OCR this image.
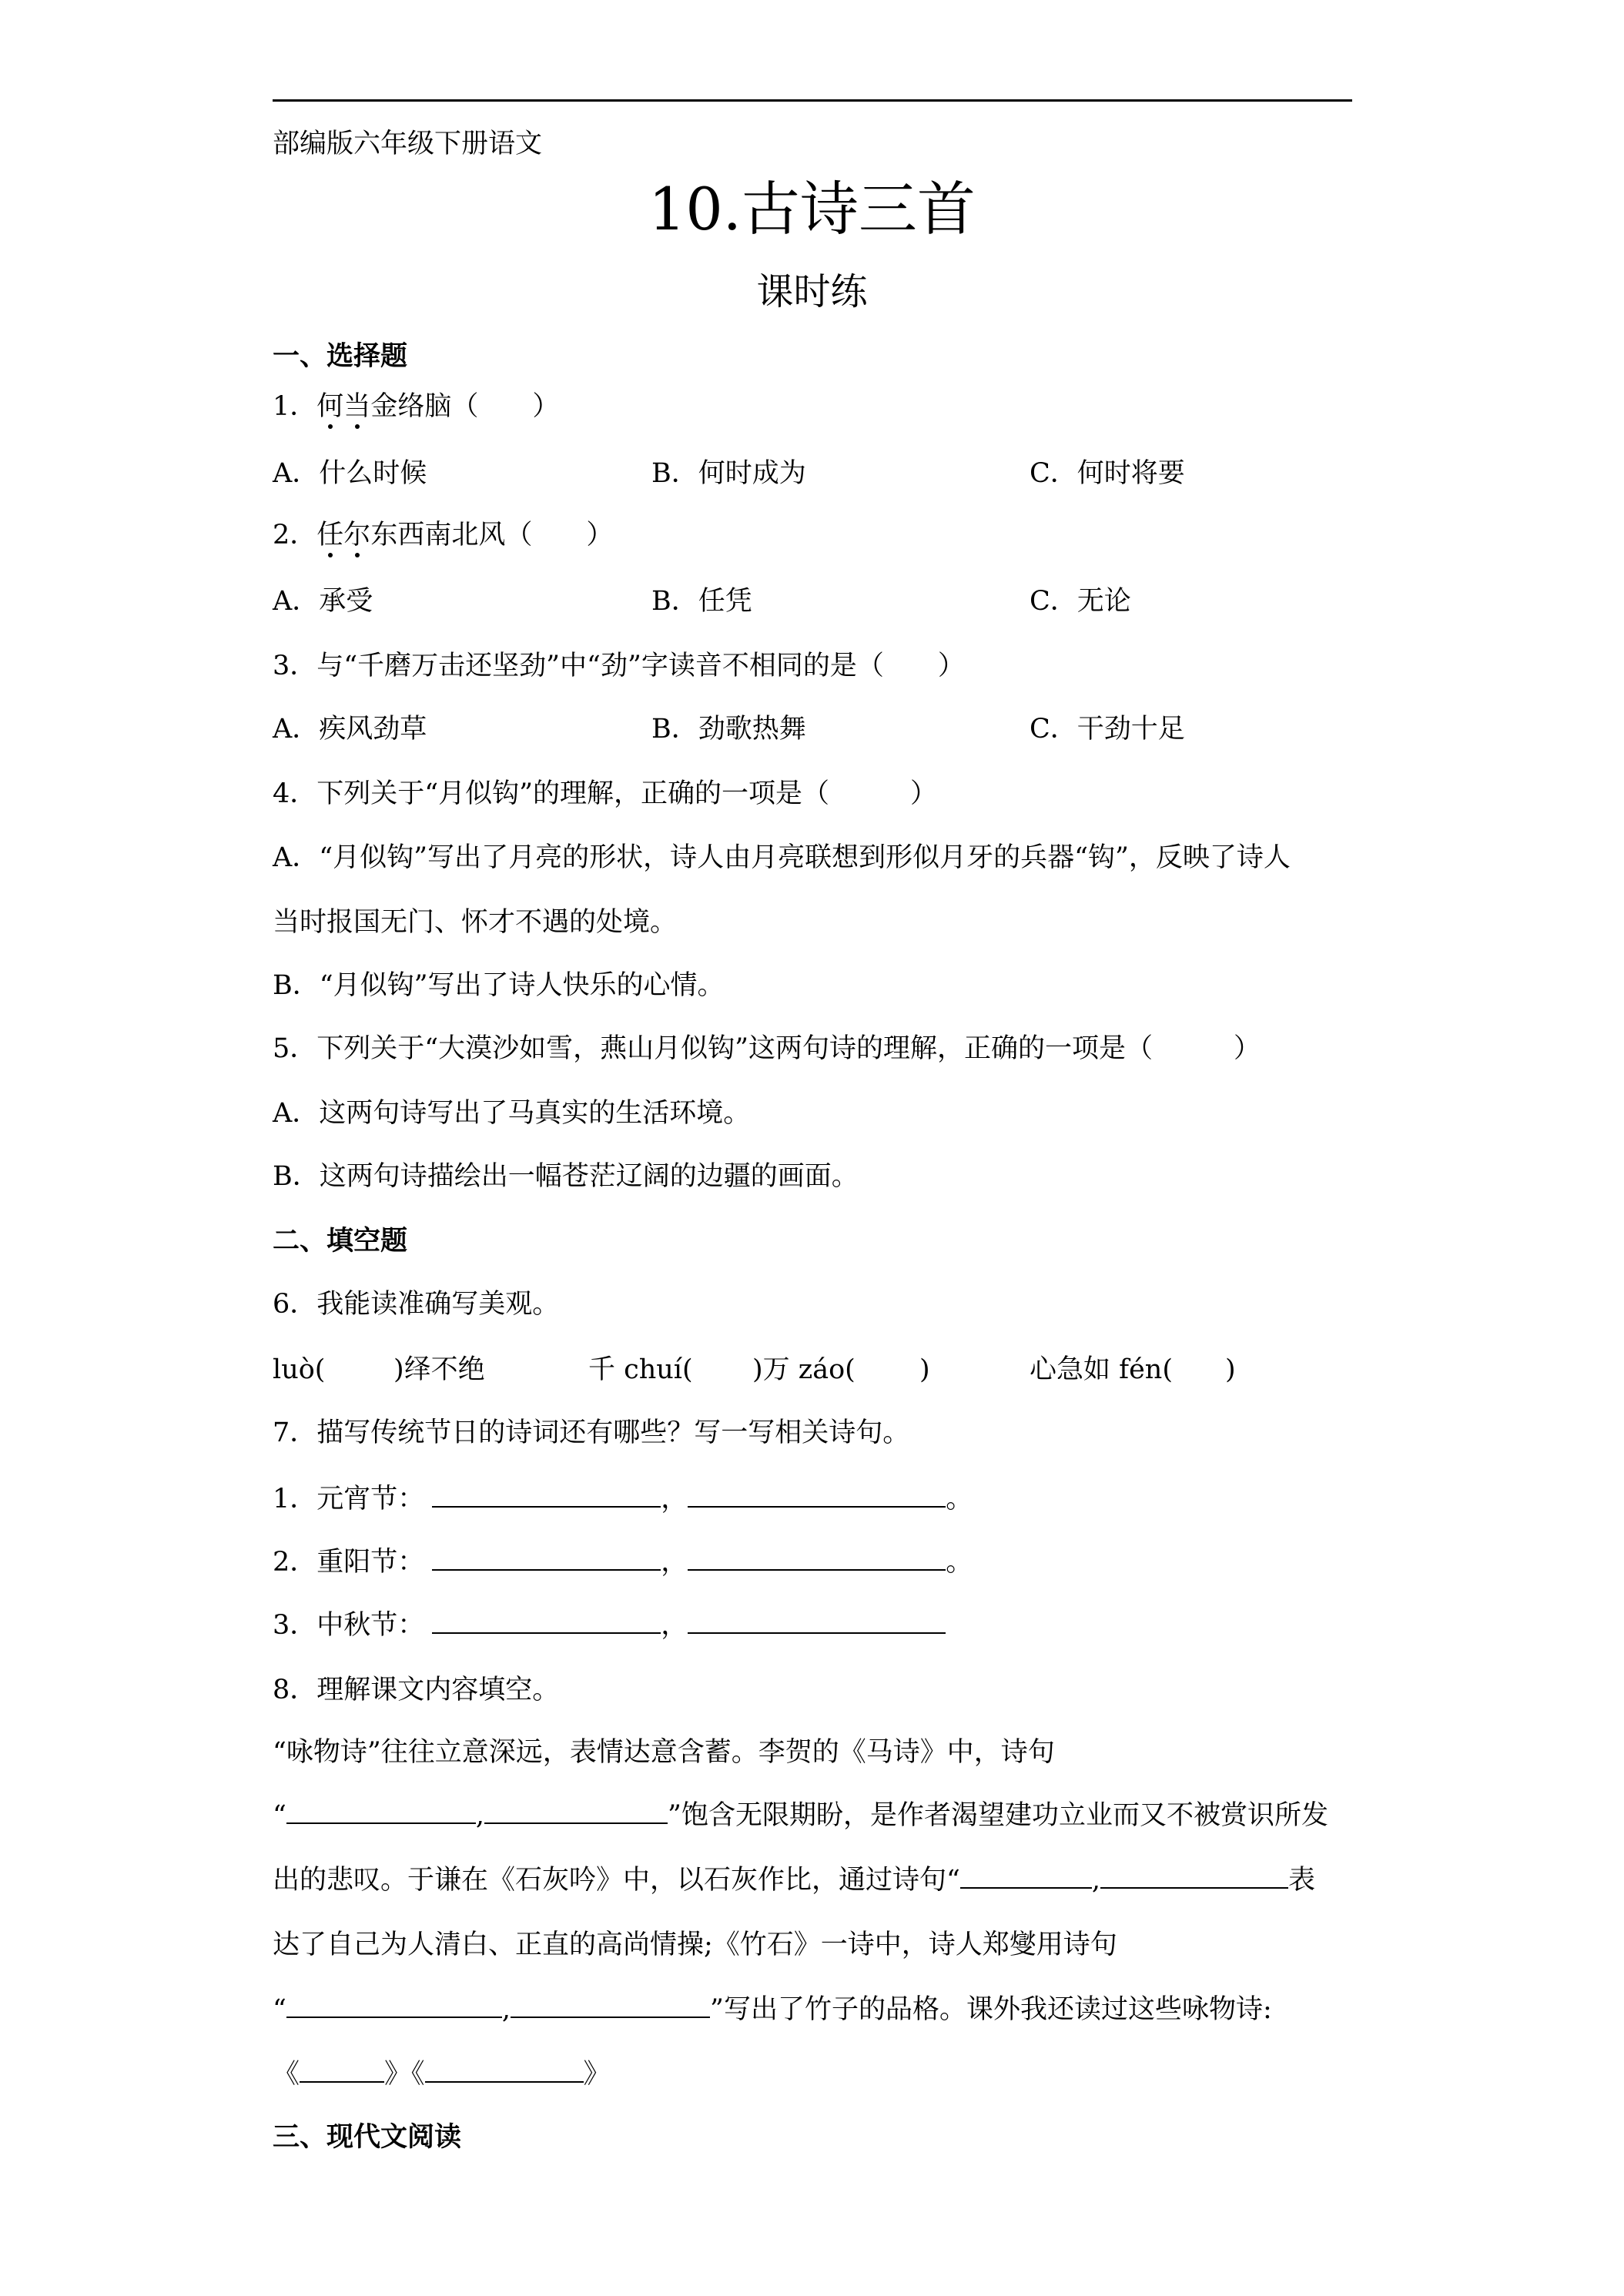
部编版六年级下册语文
10.古诗三首
课时练
一、选择题
1．何当金络脑（　　）
A．什么时候	B．何时成为	C．何时将要
2．任尔东西南北风（　　）
A．承受	B．任凭	C．无论
3．与“千磨万击还坚劲”中“劲”字读音不相同的是（　　）
A．疾风劲草	B．劲歌热舞	C．干劲十足
4．下列关于“月似钩”的理解，正确的一项是（　　　）
A．“月似钩”写出了月亮的形状，诗人由月亮联想到形似月牙的兵器“钩”，反映了诗人
当时报国无门、怀才不遇的处境。
B．“月似钩”写出了诗人快乐的心情。
5．下列关于“大漠沙如雪，燕山月似钩”这两句诗的理解，正确的一项是（　　　）
A．这两句诗写出了马真实的生活环境。
B．这两句诗描绘出一幅苍茫辽阔的边疆的画面。
二、填空题
6．我能读准确写美观。
luò(	)绎不绝	千 chuí( )万 záo( )	心急如 fén( )
7．描写传统节日的诗词还有哪些？写一写相关诗句。
1．元宵节：	，	。
2．重阳节：	，	。
3．中秋节：	，
8．理解课文内容填空。
“咏物诗”往往立意深远，表情达意含蓄。李贺的《马诗》中，诗句
“	,	”饱含无限期盼，是作者渴望建功立业而又不被赏识所发
出的悲叹。于谦在《石灰吟》中，以石灰作比，通过诗句“	,	表
达了自己为人清白、正直的高尚情操;《竹石》一诗中，诗人郑燮用诗句
“	,	”写出了竹子的品格。课外我还读过这些咏物诗:
《	》《	》
三、现代文阅读
